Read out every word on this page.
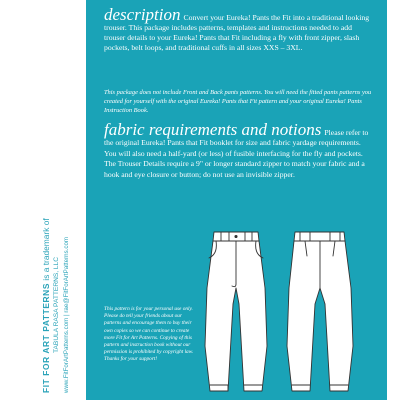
FIT FOR ART PATTERNS is a trademark of
TABULA RASA PATTERNS, LLC www.FitForArtPatterns.com | rae@FitForArtPatterns.com

description Convert your Eureka! Pants the Fit into a traditional looking trouser. This package includes patterns, templates and instructions needed to add trouser details to your Eureka! Pants that Fit including a fly with front zipper, slash pockets, belt loops, and traditional cuffs in all sizes XXS – 3XL.

This package does not include Front and Back pants patterns. You will need the fitted pants patterns you created for yourself with the original Eureka! Pants that Fit pattern and your original Eureka! Pants Instruction Book.

fabric requirements and notions Please refer to the original Eureka! Pants that Fit booklet for size and fabric yardage requirements. You will also need a half-yard (or less) of fusible interfacing for the fly and pockets. The Trouser Details require a 9" or longer standard zipper to match your fabric and a hook and eye closure or button; do not use an invisible zipper.

This pattern is for your personal use only. Please do tell your friends about our patterns and encourage them to buy their own copies so we can continue to create more Fit for Art Patterns. Copying of this pattern and instruction book without our permission is prohibited by copyright law. Thanks for your support!
